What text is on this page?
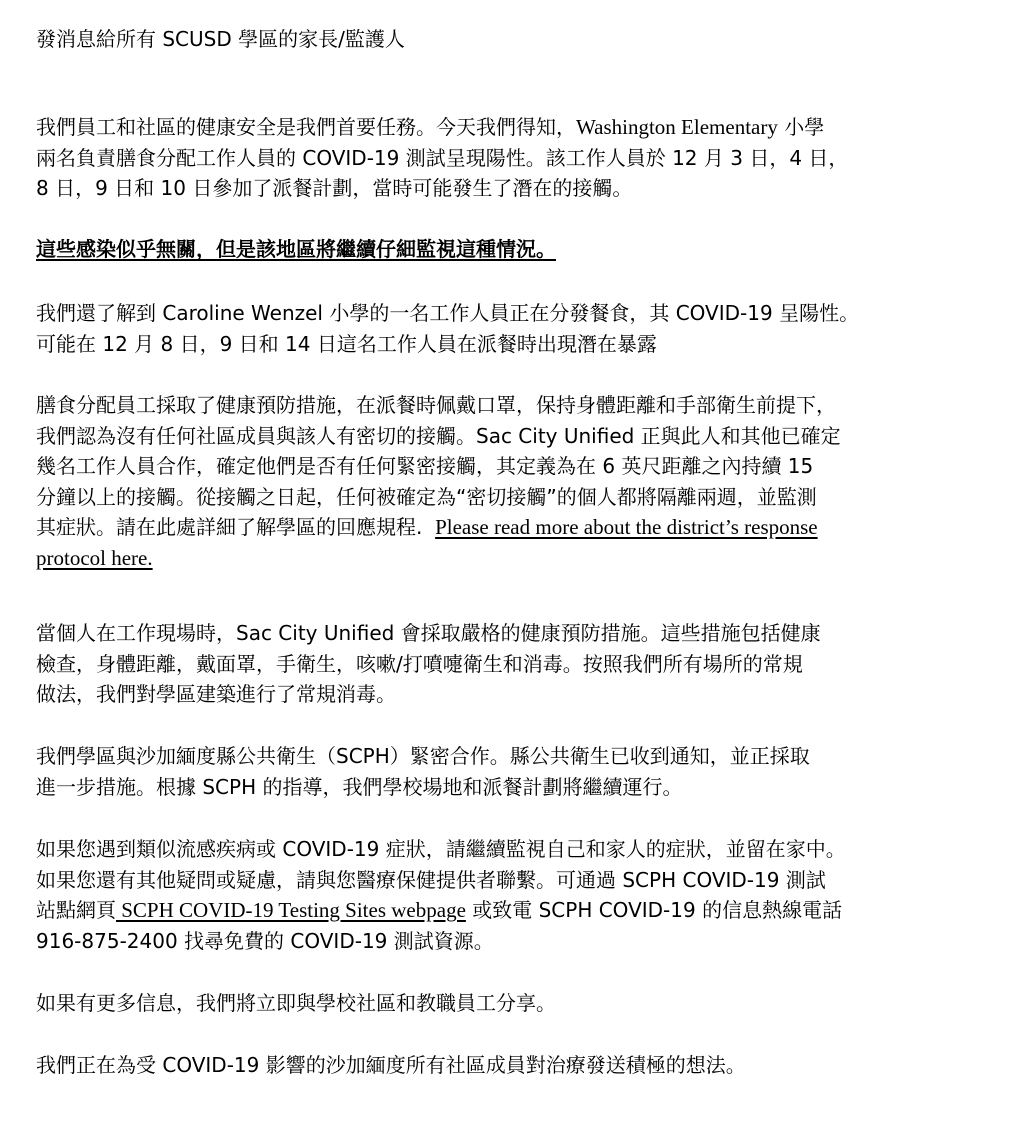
發消息給所有 SCUSD 學區的家長/監護人

我們員工和社區的健康安全是我們首要任務。今天我們得知，Washington Elementary 小學
兩名負責膳食分配工作人員的 COVID-19 測試呈現陽性。該工作人員於 12 月 3 日，4 日，
8 日，9 日和 10 日參加了派餐計劃，當時可能發生了潛在的接觸。

這些感染似乎無關，但是該地區將繼續仔細監視這種情況。

我們還了解到 Caroline Wenzel 小學的一名工作人員正在分發餐食，其 COVID-19 呈陽性。
可能在 12 月 8 日，9 日和 14 日這名工作人員在派餐時出現潛在暴露

膳食分配員工採取了健康預防措施，在派餐時佩戴口罩，保持身體距離和手部衛生前提下，
我們認為沒有任何社區成員與該人有密切的接觸。Sac City Unified 正與此人和其他已確定
幾名工作人員合作，確定他們是否有任何緊密接觸，其定義為在 6 英尺距離之內持續 15
分鐘以上的接觸。從接觸之日起，任何被確定為“密切接觸”的個人都將隔離兩週，並監測
其症狀。請在此處詳細了解學區的回應規程. Please read more about the district’s response
protocol here.

當個人在工作現場時，Sac City Unified 會採取嚴格的健康預防措施。這些措施包括健康
檢查，身體距離，戴面罩，手衛生，咳嗽/打噴嚏衛生和消毒。按照我們所有場所的常規
做法，我們對學區建築進行了常規消毒。

我們學區與沙加緬度縣公共衛生（SCPH）緊密合作。縣公共衛生已收到通知，並正採取
進一步措施。根據 SCPH 的指導，我們學校場地和派餐計劃將繼續運行。

如果您遇到類似流感疾病或 COVID-19 症狀，請繼續監視自己和家人的症狀，並留在家中。
如果您還有其他疑問或疑慮，請與您醫療保健提供者聯繫。可通過 SCPH COVID-19 測試
站點網頁 SCPH COVID-19 Testing Sites webpage 或致電 SCPH COVID-19 的信息熱線電話
916-875-2400 找尋免費的 COVID-19 測試資源。

如果有更多信息，我們將立即與學校社區和教職員工分享。

我們正在為受 COVID-19 影響的沙加緬度所有社區成員對治療發送積極的想法。
